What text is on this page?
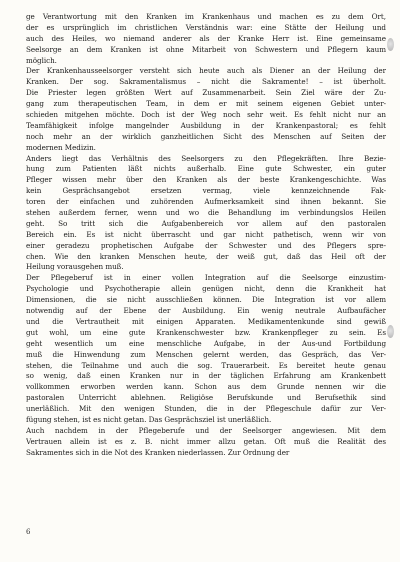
ge Verantwortung mit den Kranken im Krankenhaus und machen es zu dem Ort,
der es ursprünglich im christlichen Verständnis war: eine Stätte der Heilung und
auch des Heiles, wo niemand anderer als der Kranke Herr ist. Eine gemeinsame
Seelsorge an dem Kranken ist ohne Mitarbeit von Schwestern und Pflegern kaum
möglich.
Der Krankenhausseelsorger versteht sich heute auch als Diener an der Heilung der
Kranken. Der sog. Sakramentalismus – nicht die Sakramente! – ist überholt.
Die Priester legen größten Wert auf Zusammenarbeit. Sein Ziel wäre der Zu-
gang zum therapeutischen Team, in dem er mit seinem eigenen Gebiet unter-
schieden mitgehen möchte. Doch ist der Weg noch sehr weit. Es fehlt nicht nur an
Teamfähigkeit infolge mangelnder Ausbildung in der Krankenpastoral; es fehlt
noch mehr an der wirklich ganzheitlichen Sicht des Menschen auf Seiten der
modernen Medizin.
Anders liegt das Verhältnis des Seelsorgers zu den Pflegekräften. Ihre Bezie-
hung zum Patienten läßt nichts außerhalb. Eine gute Schwester, ein guter
Pfleger wissen mehr über den Kranken als der beste Krankengeschichte. Was
kein Gesprächsangebot ersetzen vermag, viele kennzeichnende Fak-
toren der einfachen und zuhörenden Aufmerksamkeit sind ihnen bekannt. Sie
stehen außerdem ferner, wenn und wo die Behandlung im verbindungslos Heilen
geht. So tritt sich die Aufgabenbereich vor allem auf den pastoralen
Bereich ein. Es ist nicht überrascht und gar nicht pathetisch, wenn wir von
einer geradezu prophetischen Aufgabe der Schwester und des Pflegers spre-
chen. Wie den kranken Menschen heute, der weiß gut, daß das Heil oft der
Heilung vorausgehen muß.
Der Pflegeberuf ist in einer vollen Integration auf die Seelsorge einzustim-
Psychologie und Psychotherapie allein genügen nicht, denn die Krankheit hat
Dimensionen, die sie nicht ausschließen können. Die Integration ist vor allem
notwendig auf der Ebene der Ausbildung. Ein wenig neutrale Aufbaufächer
und die Vertrautheit mit einigen Apparaten. Medikamentenkunde sind gewiß
gut wohl, um eine gute Krankenschwester bzw. Krankenpfleger zu sein. Es
geht wesentlich um eine menschliche Aufgabe, in der Aus-und Fortbildung
muß die Hinwendung zum Menschen gelernt werden, das Gespräch, das Ver-
stehen, die Teilnahme und auch die sog. Trauerarbeit. Es bereitet heute genau
so wenig, daß einen Kranken nur in der täglichen Erfahrung am Krankenbett
vollkommen erworben werden kann. Schon aus dem Grunde nennen wir die
pastoralen Unterricht ablehnen. Religiöse Berufskunde und Berufsethik sind
unerläßlich. Mit den wenigen Stunden, die in der Pflegeschule dafür zur Ver-
fügung stehen, ist es nicht getan. Das Gesprächsziel ist unerläßlich.
Auch nachdem in der Pflegeberufe und der Seelsorger angewiesen. Mit dem
Vertrauen allein ist es z. B. nicht immer allzu getan. Oft muß die Realität des
Sakramentes sich in die Not des Kranken niederlassen. Zur Ordnung der
6
